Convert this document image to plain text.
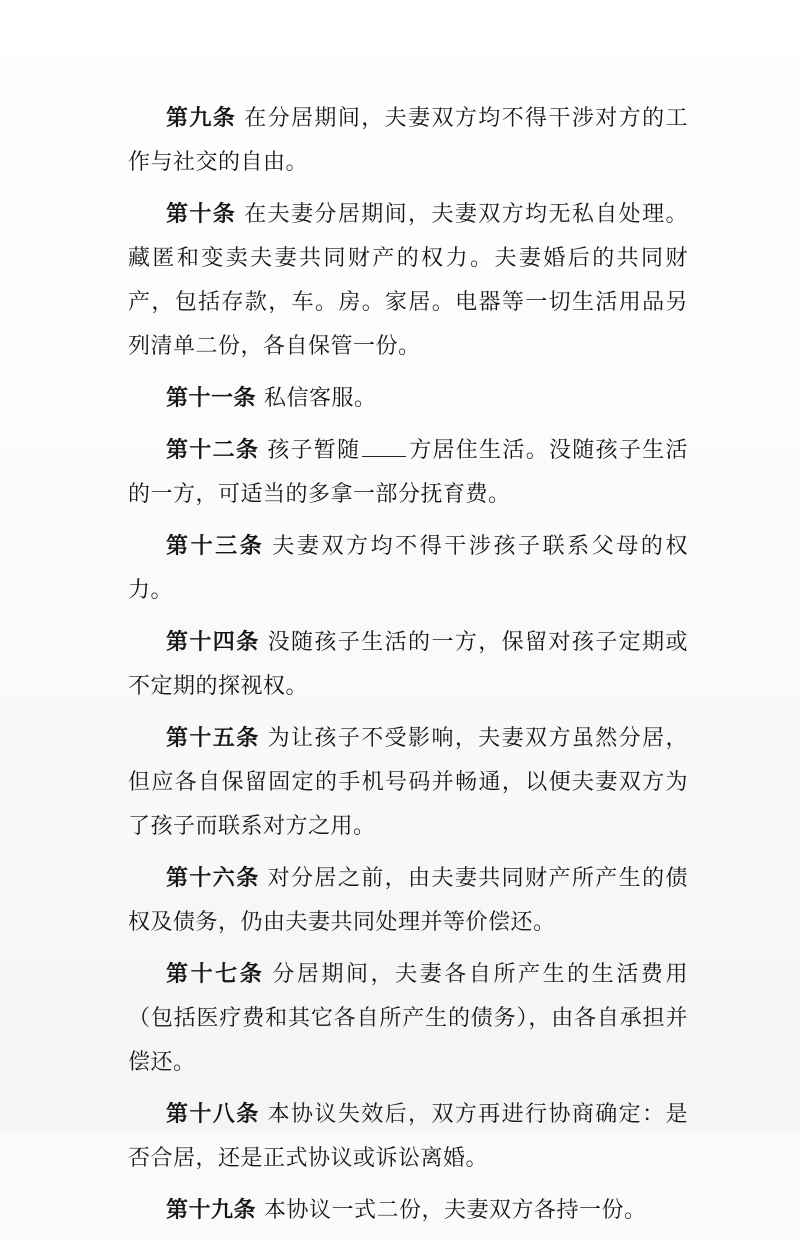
第九条 在分居期间，夫妻双方均不得干涉对方的工作与社交的自由。

第十条 在夫妻分居期间，夫妻双方均无私自处理。藏匿和变卖夫妻共同财产的权力。夫妻婚后的共同财产，包括存款，车。房。家居。电器等一切生活用品另列清单二份，各自保管一份。

第十一条 私信客服。

第十二条 孩子暂随 方居住生活。没随孩子生活的一方，可适当的多拿一部分抚育费。

第十三条 夫妻双方均不得干涉孩子联系父母的权力。

第十四条 没随孩子生活的一方，保留对孩子定期或不定期的探视权。

第十五条 为让孩子不受影响，夫妻双方虽然分居，但应各自保留固定的手机号码并畅通，以便夫妻双方为了孩子而联系对方之用。

第十六条 对分居之前，由夫妻共同财产所产生的债权及债务，仍由夫妻共同处理并等价偿还。

第十七条 分居期间，夫妻各自所产生的生活费用（包括医疗费和其它各自所产生的债务），由各自承担并偿还。

第十八条 本协议失效后，双方再进行协商确定：是否合居，还是正式协议或诉讼离婚。

第十九条 本协议一式二份，夫妻双方各持一份。
